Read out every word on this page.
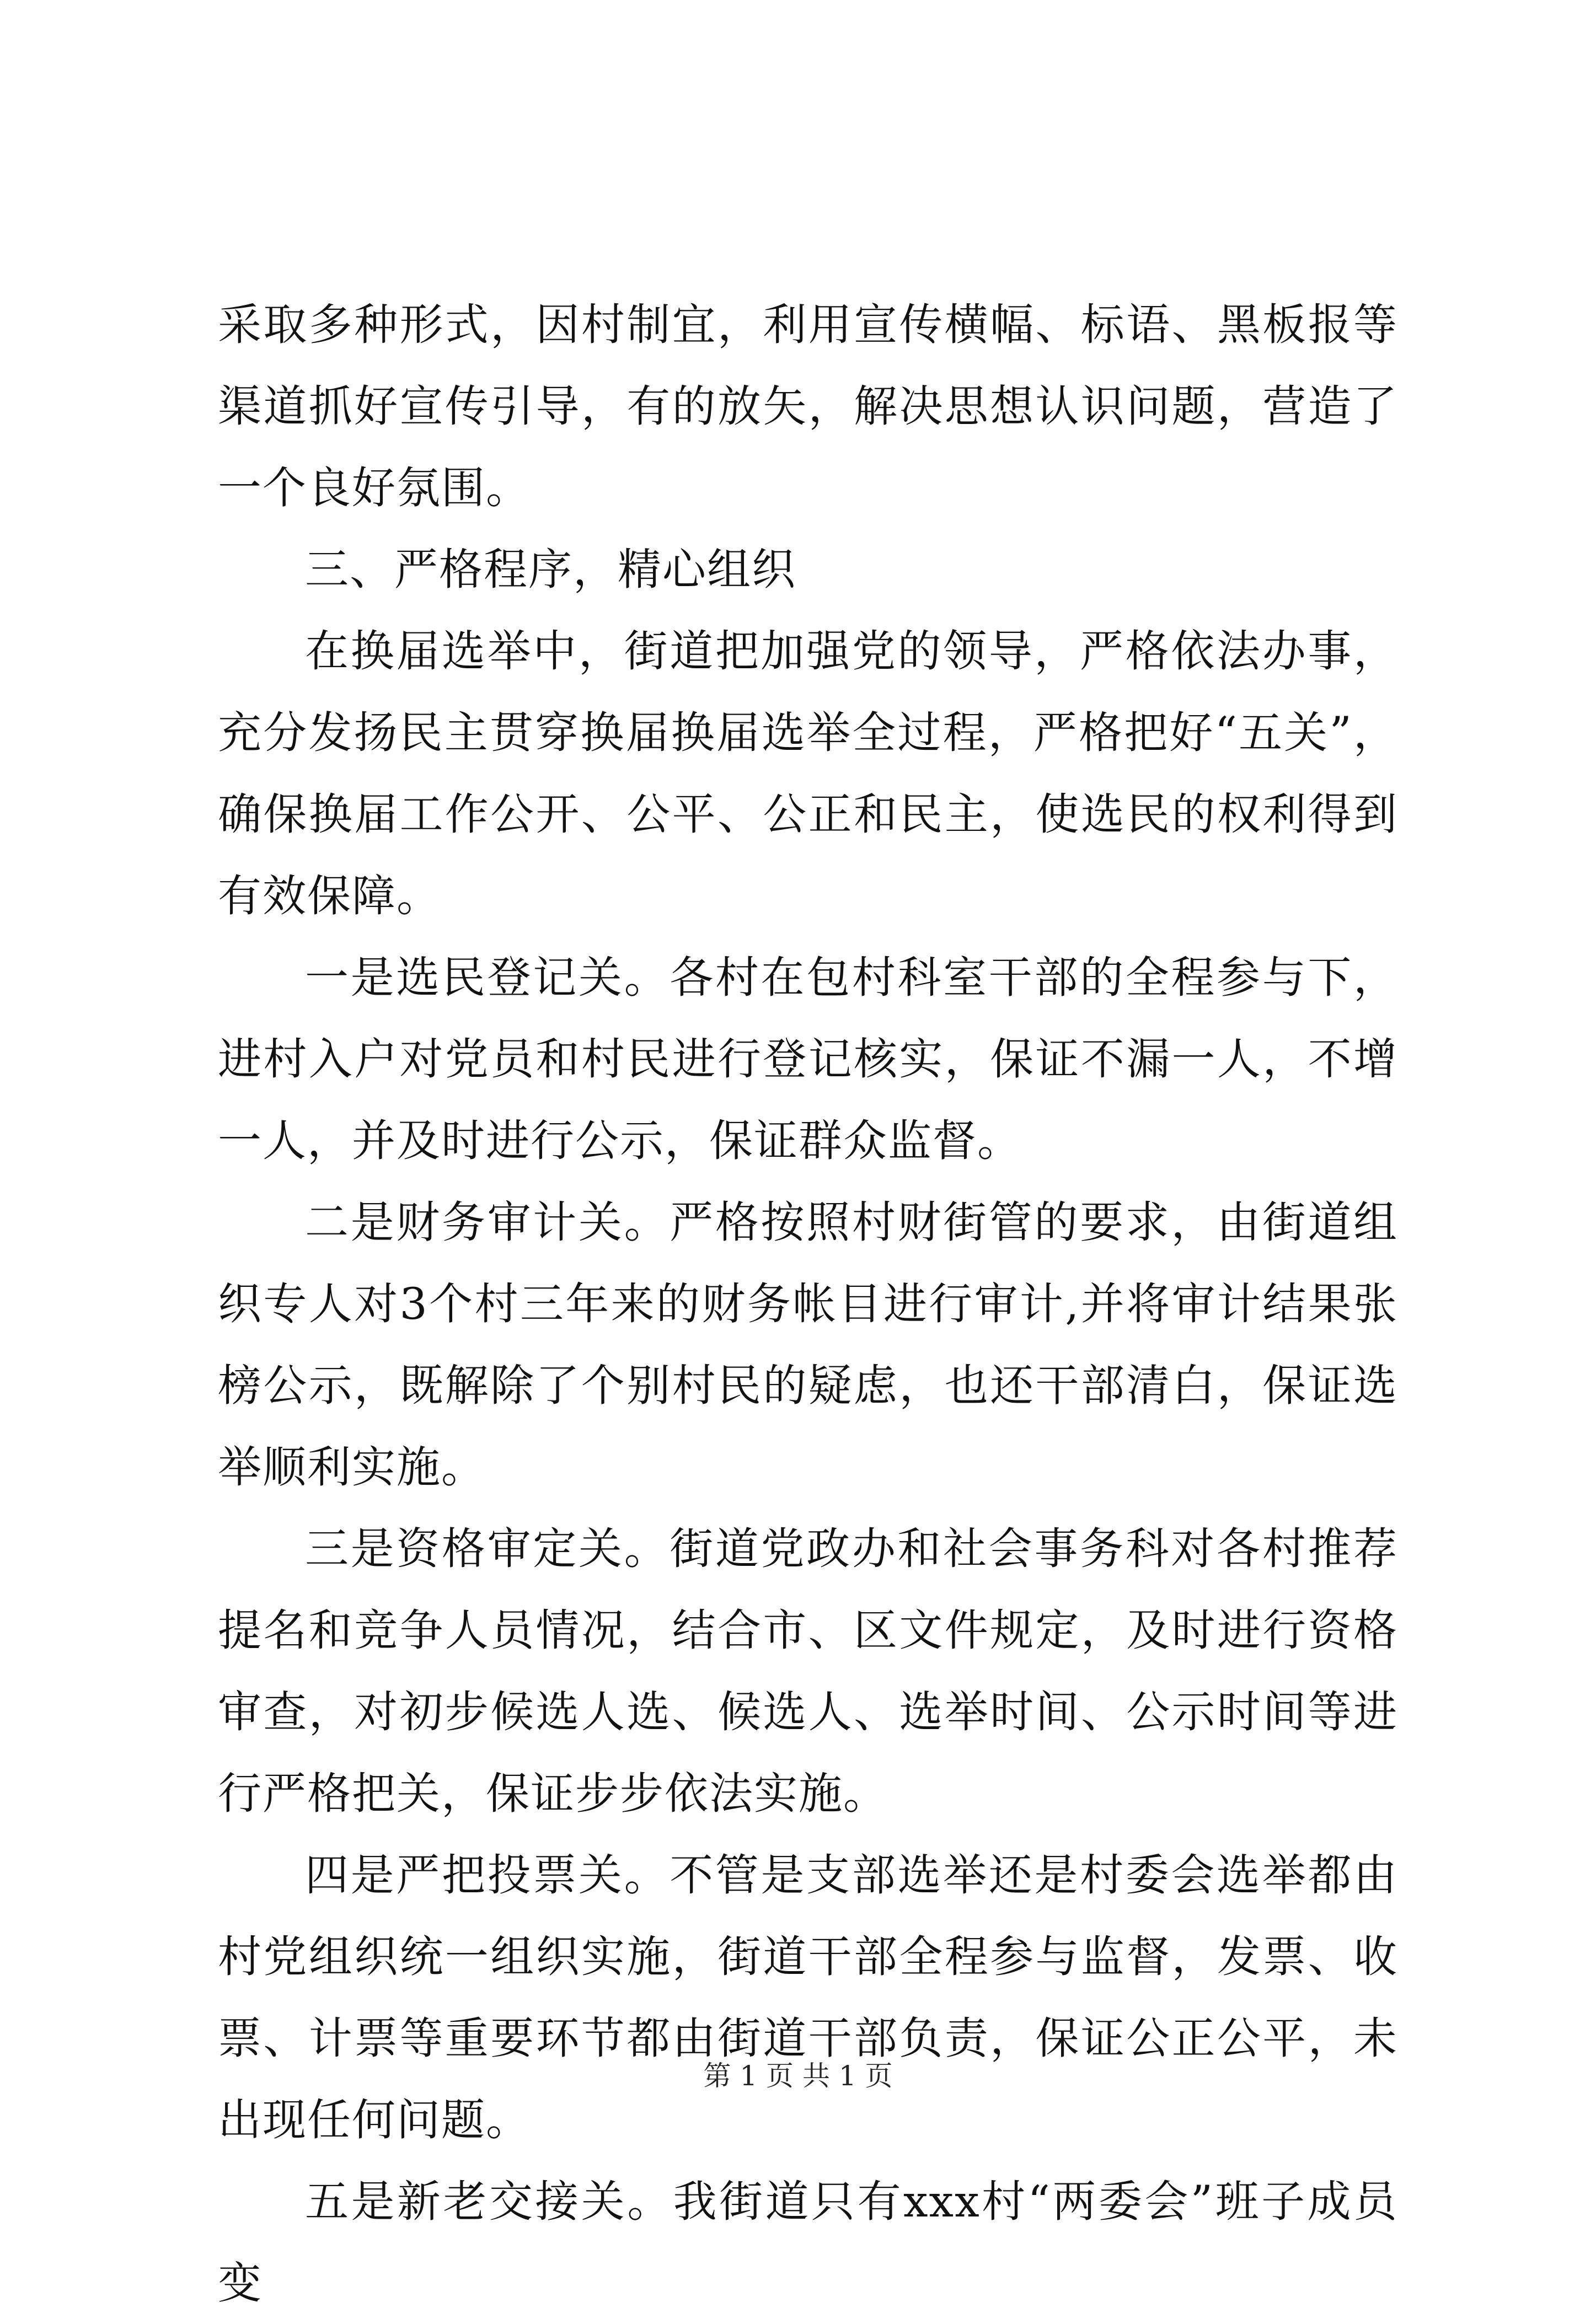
采取多种形式，因村制宜，利用宣传横幅、标语、黑板报等渠道抓好宣传引导，有的放矢，解决思想认识问题，营造了一个良好氛围。

三、严格程序，精心组织

在换届选举中，街道把加强党的领导，严格依法办事，充分发扬民主贯穿换届换届选举全过程，严格把好“五关”，确保换届工作公开、公平、公正和民主，使选民的权利得到有效保障。

一是选民登记关。各村在包村科室干部的全程参与下，进村入户对党员和村民进行登记核实，保证不漏一人，不增一人，并及时进行公示，保证群众监督。

二是财务审计关。严格按照村财街管的要求，由街道组织专人对3个村三年来的财务帐目进行审计,并将审计结果张榜公示，既解除了个别村民的疑虑，也还干部清白，保证选举顺利实施。

三是资格审定关。街道党政办和社会事务科对各村推荐提名和竞争人员情况，结合市、区文件规定，及时进行资格审查，对初步候选人选、候选人、选举时间、公示时间等进行严格把关，保证步步依法实施。

四是严把投票关。不管是支部选举还是村委会选举都由村党组织统一组织实施，街道干部全程参与监督，发票、收票、计票等重要环节都由街道干部负责，保证公正公平，未出现任何问题。

五是新老交接关。我街道只有xxx村“两委会”班子成员变

第 1 页 共 1 页
